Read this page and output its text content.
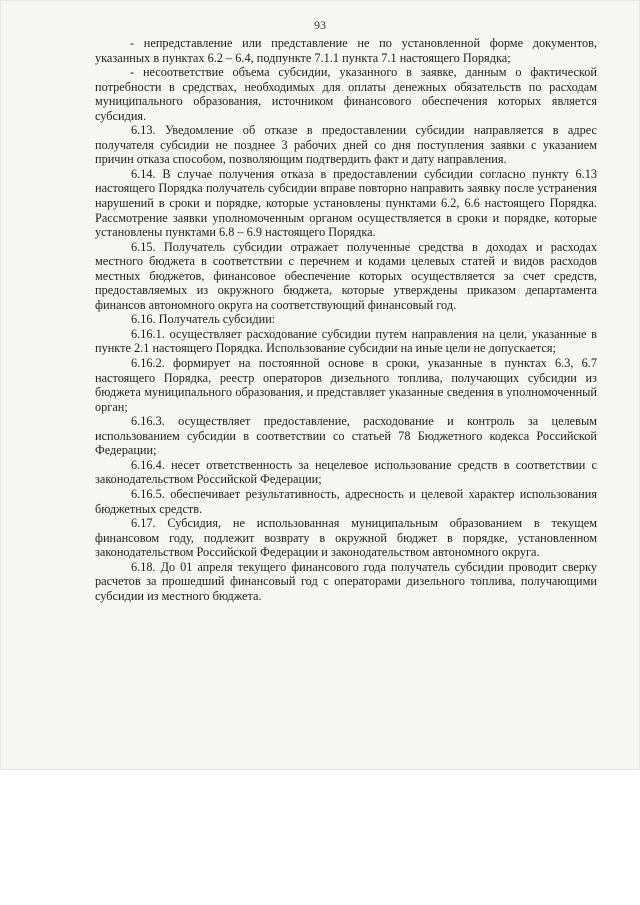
93

- непредставление или представление не по установленной форме документов, указанных в пунктах 6.2 – 6.4, подпункте 7.1.1 пункта 7.1 настоящего Порядка;

- несоответствие объема субсидии, указанного в заявке, данным о фактической потребности в средствах, необходимых для оплаты денежных обязательств по расходам муниципального образования, источником финансового обеспечения которых является субсидия.

6.13. Уведомление об отказе в предоставлении субсидии направляется в адрес получателя субсидии не позднее 3 рабочих дней со дня поступления заявки с указанием причин отказа способом, позволяющим подтвердить факт и дату направления.

6.14. В случае получения отказа в предоставлении субсидии согласно пункту 6.13 настоящего Порядка получатель субсидии вправе повторно направить заявку после устранения нарушений в сроки и порядке, которые установлены пунктами 6.2, 6.6 настоящего Порядка. Рассмотрение заявки уполномоченным органом осуществляется в сроки и порядке, которые установлены пунктами 6.8 – 6.9 настоящего Порядка.

6.15. Получатель субсидии отражает полученные средства в доходах и расходах местного бюджета в соответствии с перечнем и кодами целевых статей и видов расходов местных бюджетов, финансовое обеспечение которых осуществляется за счет средств, предоставляемых из окружного бюджета, которые утверждены приказом департамента финансов автономного округа на соответствующий финансовый год.

6.16. Получатель субсидии:

6.16.1. осуществляет расходование субсидии путем направления на цели, указанные в пункте 2.1 настоящего Порядка. Использование субсидии на иные цели не допускается;

6.16.2. формирует на постоянной основе в сроки, указанные в пунктах 6.3, 6.7 настоящего Порядка, реестр операторов дизельного топлива, получающих субсидии из бюджета муниципального образования, и представляет указанные сведения в уполномоченный орган;

6.16.3. осуществляет предоставление, расходование и контроль за целевым использованием субсидии в соответствии со статьей 78 Бюджетного кодекса Российской Федерации;

6.16.4. несет ответственность за нецелевое использование средств в соответствии с законодательством Российской Федерации;

6.16.5. обеспечивает результативность, адресность и целевой характер использования бюджетных средств.

6.17. Субсидия, не использованная муниципальным образованием в текущем финансовом году, подлежит возврату в окружной бюджет в порядке, установленном законодательством Российской Федерации и законодательством автономного округа.

6.18. До 01 апреля текущего финансового года получатель субсидии проводит сверку расчетов за прошедший финансовый год с операторами дизельного топлива, получающими субсидии из местного бюджета.
